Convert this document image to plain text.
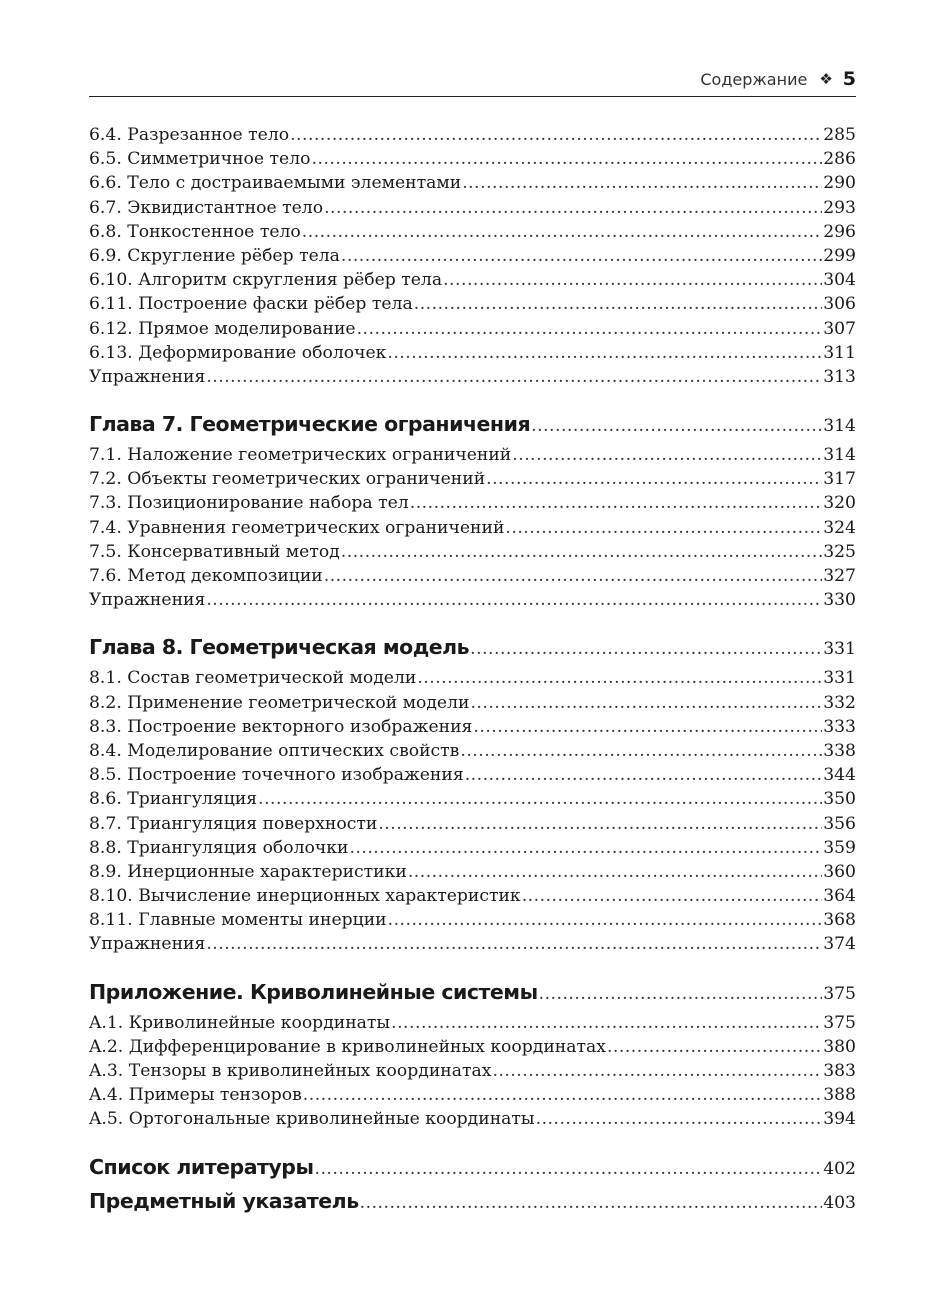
Содержание ❖ 5
6.4. Разрезанное тело .....	285
6.5. Симметричное тело .....	286
6.6. Тело с достраиваемыми элементами .....	290
6.7. Эквидистантное тело .....	293
6.8. Тонкостенное тело .....	296
6.9. Скругление рёбер тела .....	299
6.10. Алгоритм скругления рёбер тела .....	304
6.11. Построение фаски рёбер тела .....	306
6.12. Прямое моделирование .....	307
6.13. Деформирование оболочек .....	311
Упражнения .....	313
Глава 7. Геометрические ограничения .....	314
7.1. Наложение геометрических ограничений .....	314
7.2. Объекты геометрических ограничений .....	317
7.3. Позиционирование набора тел .....	320
7.4. Уравнения геометрических ограничений .....	324
7.5. Консервативный метод .....	325
7.6. Метод декомпозиции .....	327
Упражнения .....	330
Глава 8. Геометрическая модель .....	331
8.1. Состав геометрической модели .....	331
8.2. Применение геометрической модели .....	332
8.3. Построение векторного изображения .....	333
8.4. Моделирование оптических свойств .....	338
8.5. Построение точечного изображения .....	344
8.6. Триангуляция .....	350
8.7. Триангуляция поверхности .....	356
8.8. Триангуляция оболочки .....	359
8.9. Инерционные характеристики .....	360
8.10. Вычисление инерционных характеристик .....	364
8.11. Главные моменты инерции .....	368
Упражнения .....	374
Приложение. Криволинейные системы .....	375
A.1. Криволинейные координаты .....	375
A.2. Дифференцирование в криволинейных координатах .....	380
A.3. Тензоры в криволинейных координатах .....	383
A.4. Примеры тензоров .....	388
A.5. Ортогональные криволинейные координаты .....	394
Список литературы .....	402
Предметный указатель .....	403
